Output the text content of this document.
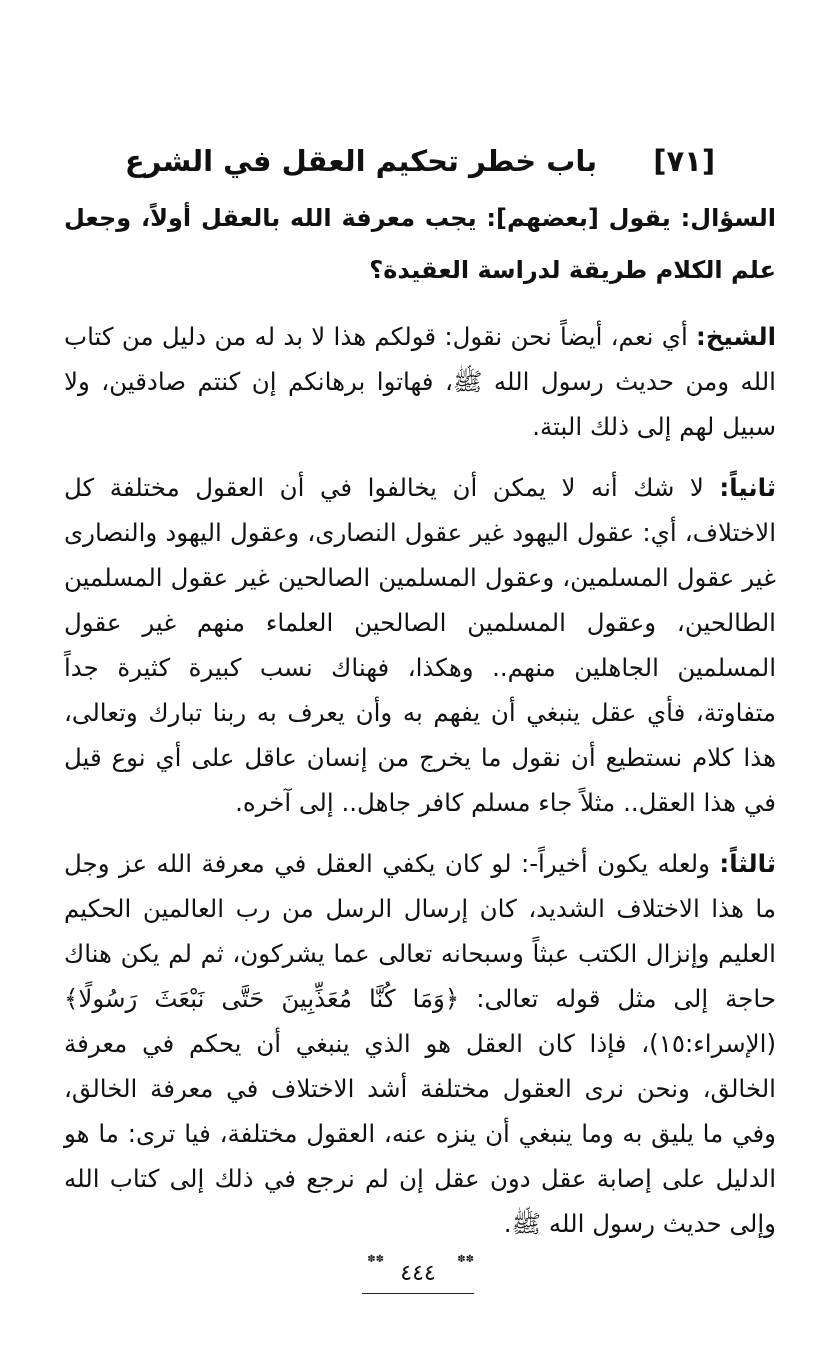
[٧١]
باب خطر تحكيم العقل في الشرع

السؤال: يقول [بعضهم]: يجب معرفة الله بالعقل أولاً، وجعل علم الكلام طريقة لدراسة العقيدة؟

الشيخ: أي نعم، أيضاً نحن نقول: قولكم هذا لا بد له من دليل من كتاب الله ومن حديث رسول الله ﷺ، فهاتوا برهانكم إن كنتم صادقين، ولا سبيل لهم إلى ذلك البتة.

ثانياً: لا شك أنه لا يمكن أن يخالفوا في أن العقول مختلفة كل الاختلاف، أي: عقول اليهود غير عقول النصارى، وعقول اليهود والنصارى غير عقول المسلمين، وعقول المسلمين الصالحين غير عقول المسلمين الطالحين، وعقول المسلمين الصالحين العلماء منهم غير عقول المسلمين الجاهلين منهم.. وهكذا، فهناك نسب كبيرة كثيرة جداً متفاوتة، فأي عقل ينبغي أن يفهم به وأن يعرف به ربنا تبارك وتعالى، هذا كلام نستطيع أن نقول ما يخرج من إنسان عاقل على أي نوع قيل في هذا العقل.. مثلاً جاء مسلم كافر جاهل.. إلى آخره.

ثالثاً: ولعله يكون أخيراً-: لو كان يكفي العقل في معرفة الله عز وجل ما هذا الاختلاف الشديد، كان إرسال الرسل من رب العالمين الحكيم العليم وإنزال الكتب عبثاً وسبحانه تعالى عما يشركون، ثم لم يكن هناك حاجة إلى مثل قوله تعالى: ﴿وَمَا كُنَّا مُعَذِّبِينَ حَتَّى نَبْعَثَ رَسُولًا﴾(الإسراء:١٥)، فإذا كان العقل هو الذي ينبغي أن يحكم في معرفة الخالق، ونحن نرى العقول مختلفة أشد الاختلاف في معرفة الخالق، وفي ما يليق به وما ينبغي أن ينزه عنه، العقول مختلفة، فيا ترى: ما هو الدليل على إصابة عقل دون عقل إن لم نرجع في ذلك إلى كتاب الله وإلى حديث رسول الله ﷺ.

✽✽
✽✽
٤٤٤
